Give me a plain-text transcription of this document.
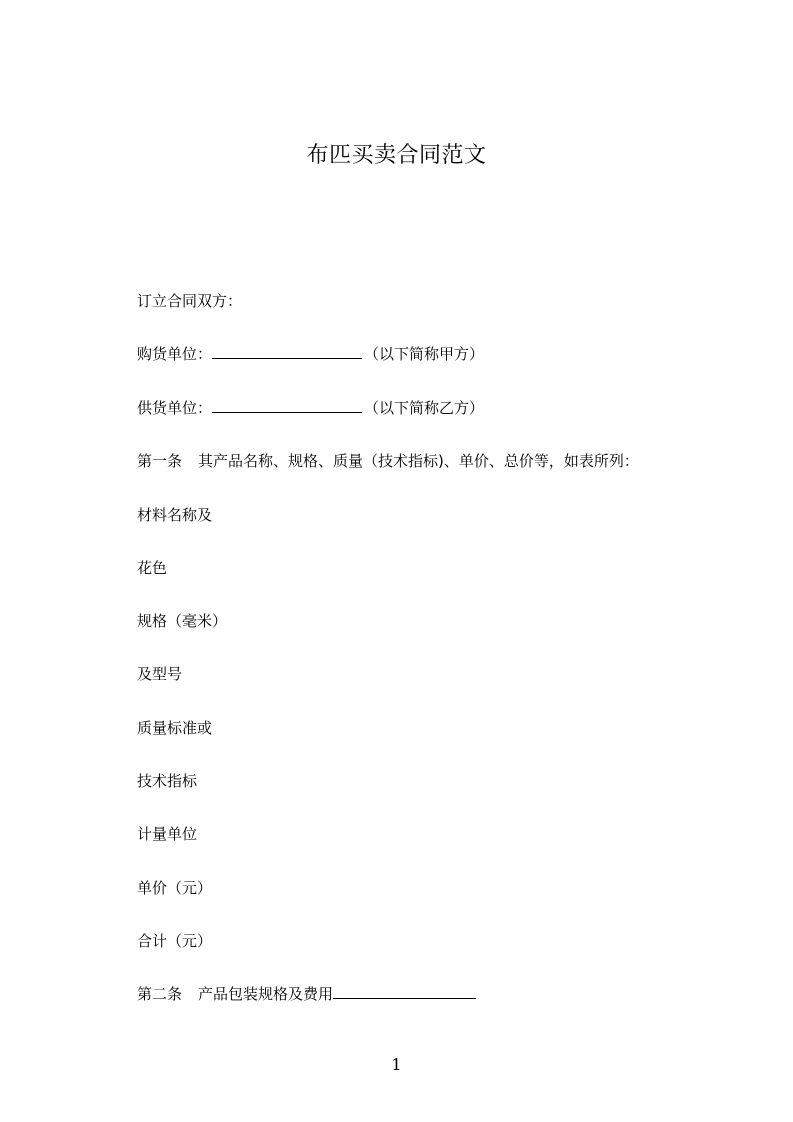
布匹买卖合同范文
订立合同双方：
购货单位：	（以下简称甲方）
供货单位：	（以下简称乙方）
第一条 其产品名称、规格、质量（技术指标)、单价、总价等，如表所列：
材料名称及
花色
规格（毫米）
及型号
质量标准或
技术指标
计量单位
单价（元）
合计（元）
第二条 产品包装规格及费用
1
